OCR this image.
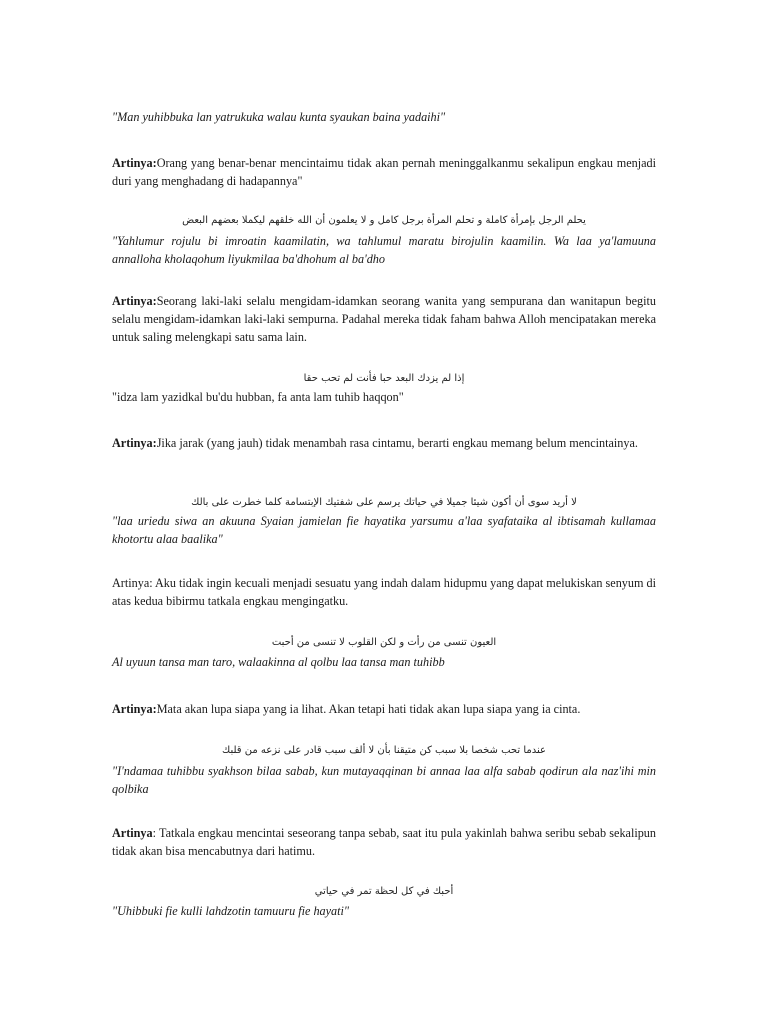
"Man yuhibbuka lan yatrukuka walau kunta syaukan baina yadaihi"

Artinya:Orang yang benar-benar mencintaimu tidak akan pernah meninggalkanmu sekalipun engkau menjadi duri yang menghadang di hadapannya"

يحلم الرجل بإمرأة كاملة و تحلم المرأة برجل كامل و لا يعلمون أن الله خلقهم ليكملا بعضهم البعض

"Yahlumur rojulu bi imroatin kaamilatin, wa tahlumul maratu birojulin kaamilin. Wa laa ya'lamuuna annalloha kholaqohum liyukmilaa ba'dhohum al ba'dho

Artinya:Seorang laki-laki selalu mengidam-idamkan seorang wanita yang sempurana dan wanitapun begitu selalu mengidam-idamkan laki-laki sempurna. Padahal mereka tidak faham bahwa Alloh mencipatakan mereka untuk saling melengkapi satu sama lain.

إذا لم يزدك البعد حبا فأنت لم تحب حقا

"idza lam yazidkal bu'du hubban, fa anta lam tuhib haqqon"

Artinya:Jika jarak (yang jauh) tidak menambah rasa cintamu, berarti engkau memang belum mencintainya.

لا أريد سوى أن أكون شيئا جميلا في حياتك يرسم على شفتيك الإبتسامة كلما خطرت على بالك

"laa uriedu siwa an akuuna Syaian jamielan fie hayatika yarsumu a'laa syafataika al ibtisamah kullamaa khotortu alaa baalika"

Artinya: Aku tidak ingin kecuali menjadi sesuatu yang indah dalam hidupmu yang dapat melukiskan senyum di atas kedua bibirmu tatkala engkau mengingatku.

العيون تنسى من رأت و لكن القلوب لا تنسى من أحبت

Al uyuun tansa man taro, walaakinna al qolbu laa tansa man tuhibb

Artinya:Mata akan lupa siapa yang ia lihat. Akan tetapi hati tidak akan lupa siapa yang ia cinta.

عندما تحب شخصا بلا سبب كن متيقنا بأن لا ألف سبب قادر على نزعه من قلبك

"I'ndamaa tuhibbu syakhson bilaa sabab, kun mutayaqqinan bi annaa laa alfa sabab qodirun ala naz'ihi min qolbika

Artinya: Tatkala engkau mencintai seseorang tanpa sebab, saat itu pula yakinlah bahwa seribu sebab sekalipun tidak akan bisa mencabutnya dari hatimu.

أحبك في كل لحظة تمر في حياتي

"Uhibbuki fie kulli lahdzotin tamuuru fie hayati"
